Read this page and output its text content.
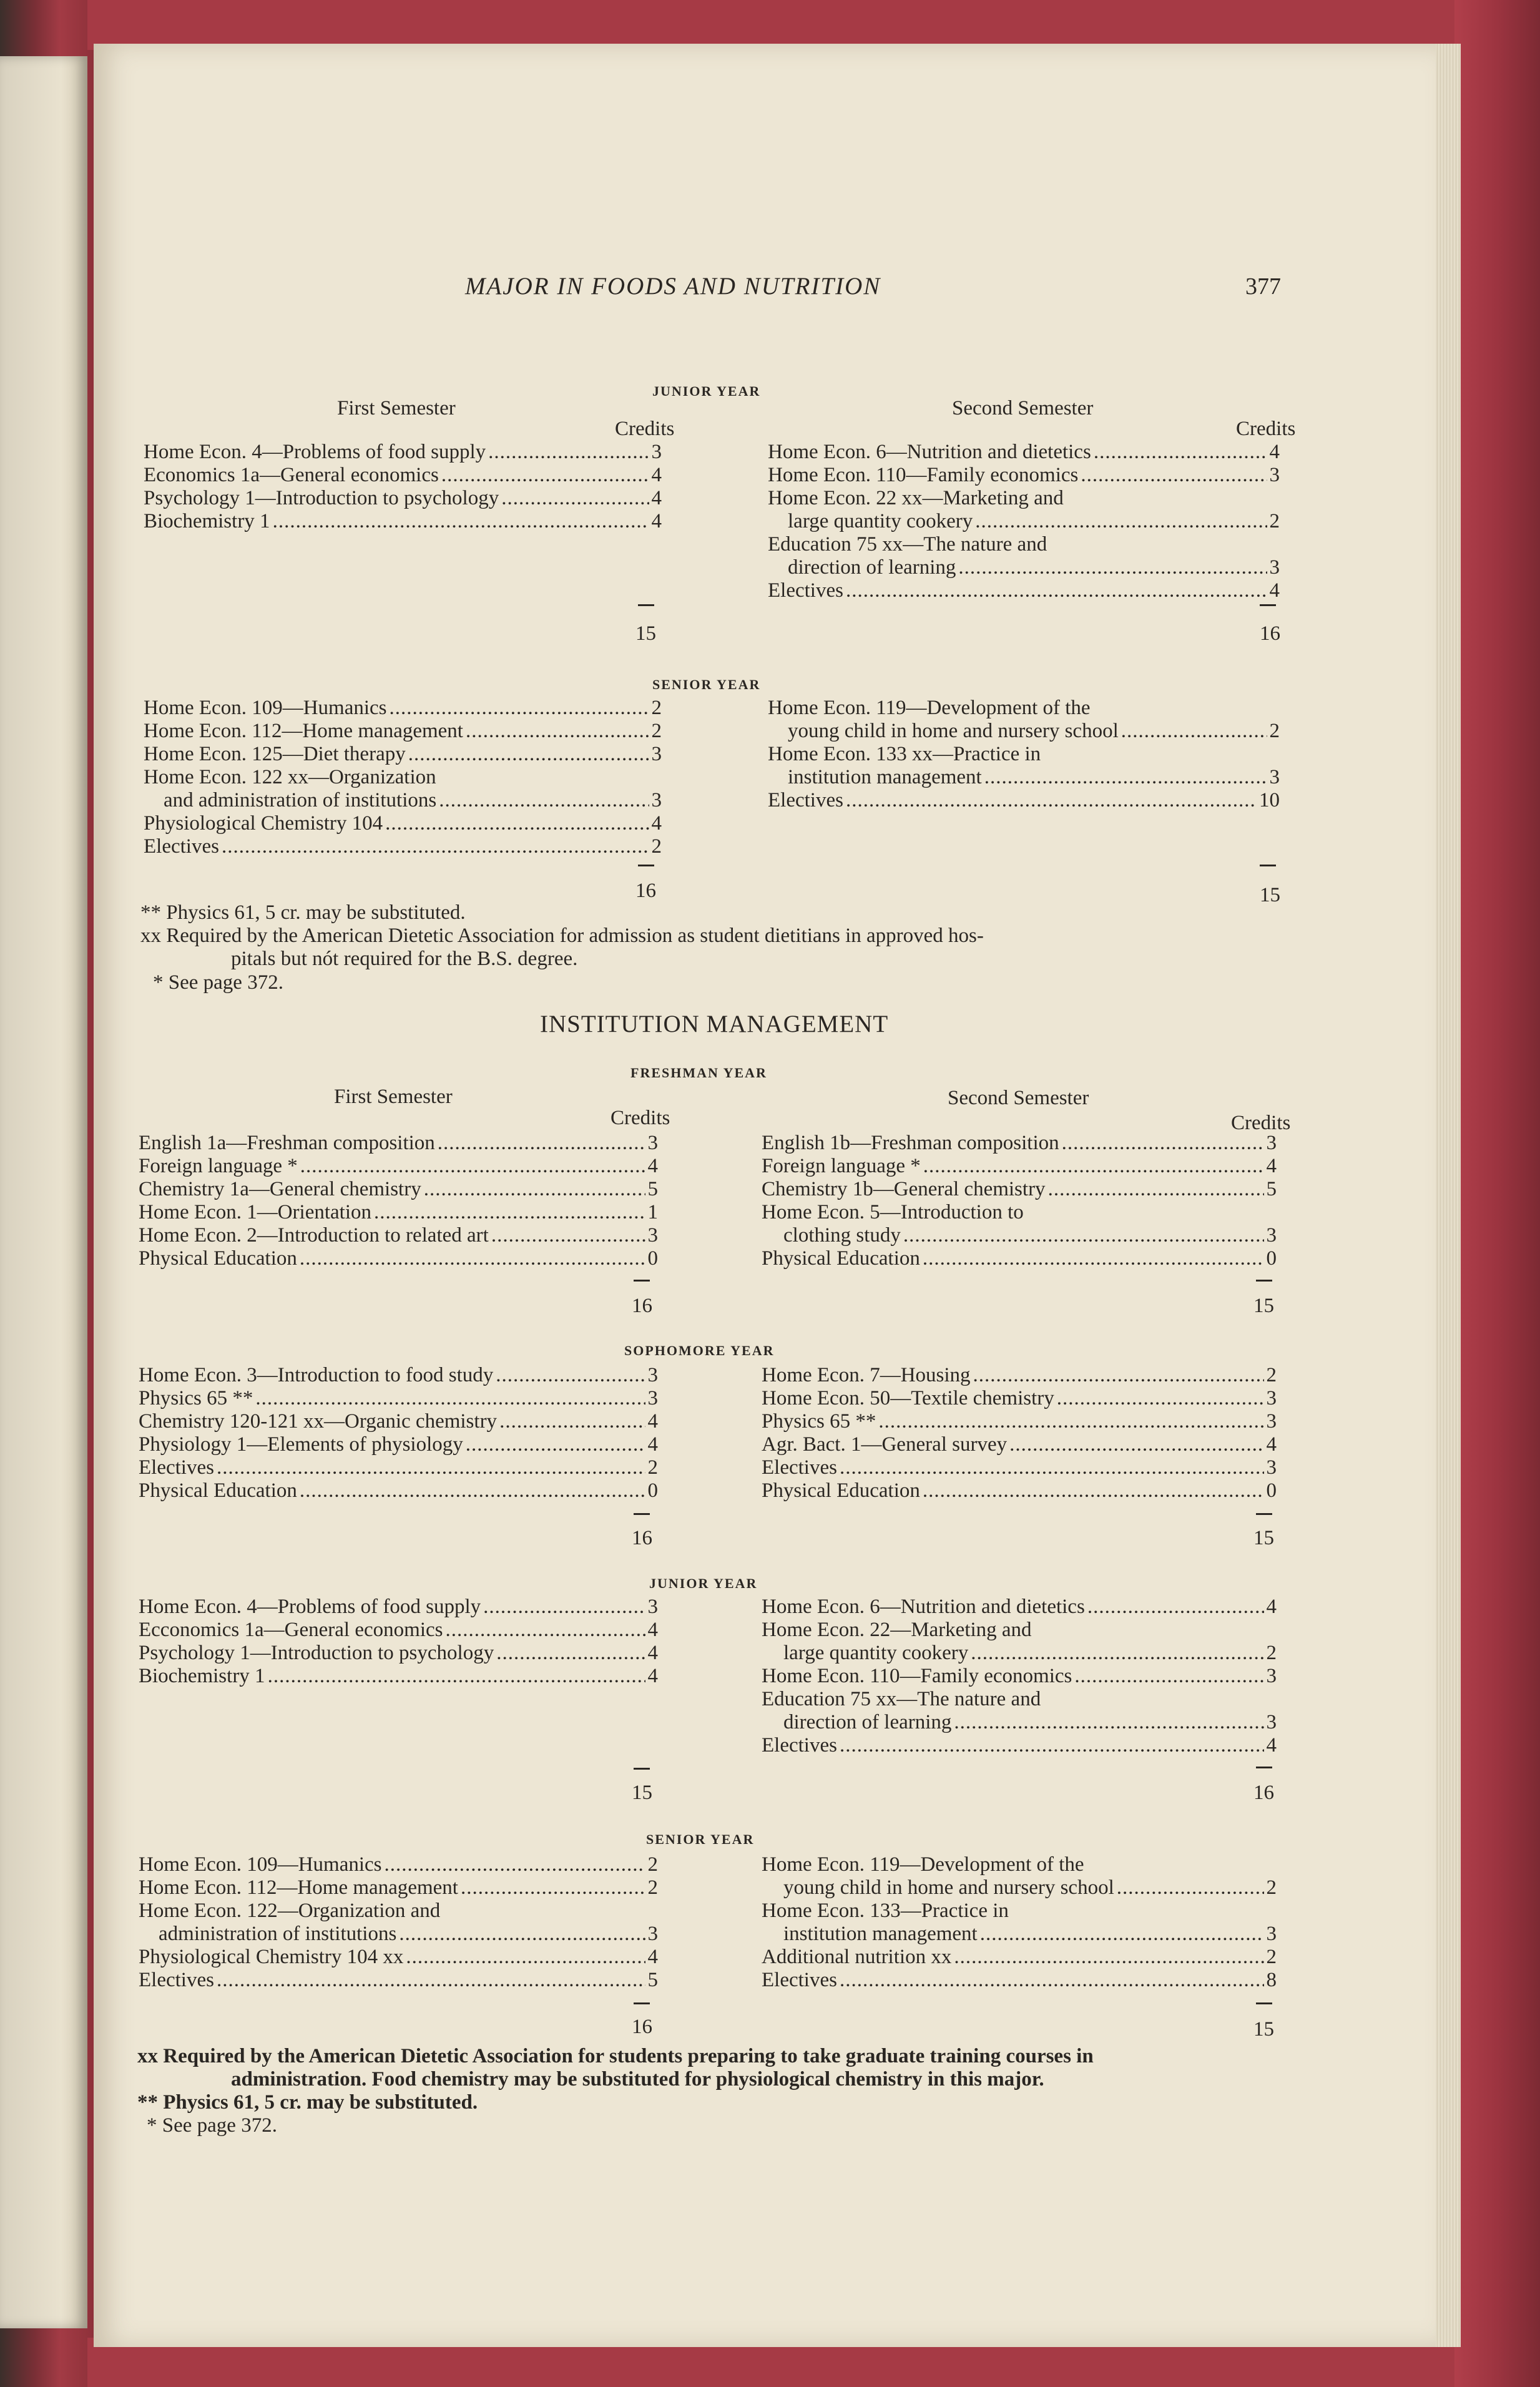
MAJOR IN FOODS AND NUTRITION	377
JUNIOR YEAR
First Semester	Second Semester
Credits	Credits
Home Econ. 4—Problems of food supply .....	3
Economics 1a—General economics .....	4
Psychology 1—Introduction to psychology .....	4
Biochemistry 1 .....	4
15
Home Econ. 6—Nutrition and dietetics .....	4
Home Econ. 110—Family economics .....	3
Home Econ. 22 xx—Marketing and
large quantity cookery .....	2
Education 75 xx—The nature and
direction of learning .....	3
Electives .....	4
16
SENIOR YEAR
Home Econ. 109—Humanics .....	2
Home Econ. 112—Home management .....	2
Home Econ. 125—Diet therapy .....	3
Home Econ. 122 xx—Organization
and administration of institutions .....	3
Physiological Chemistry 104 .....	4
Electives .....	2
16
Home Econ. 119—Development of the
young child in home and nursery school .....	2
Home Econ. 133 xx—Practice in
institution management .....	3
Electives .....	10
15
** Physics 61, 5 cr. may be substituted.
xx Required by the American Dietetic Association for admission as student dietitians in approved hos-
pitals but nót required for the B.S. degree.
* See page 372.
INSTITUTION MANAGEMENT
FRESHMAN YEAR
First Semester	Second Semester
Credits	Credits
English 1a—Freshman composition .....	3
Foreign language * .....	4
Chemistry 1a—General chemistry .....	5
Home Econ. 1—Orientation .....	1
Home Econ. 2—Introduction to related art .....	3
Physical Education .....	0
16
English 1b—Freshman composition .....	3
Foreign language * .....	4
Chemistry 1b—General chemistry .....	5
Home Econ. 5—Introduction to
clothing study .....	3
Physical Education .....	0
15
SOPHOMORE YEAR
Home Econ. 3—Introduction to food study .....	3
Physics 65 ** .....	3
Chemistry 120-121 xx—Organic chemistry .....	4
Physiology 1—Elements of physiology .....	4
Electives .....	2
Physical Education .....	0
16
Home Econ. 7—Housing .....	2
Home Econ. 50—Textile chemistry .....	3
Physics 65 ** .....	3
Agr. Bact. 1—General survey .....	4
Electives .....	3
Physical Education .....	0
15
JUNIOR YEAR
Home Econ. 4—Problems of food supply .....	3
Ecconomics 1a—General economics .....	4
Psychology 1—Introduction to psychology .....	4
Biochemistry 1 .....	4
15
Home Econ. 6—Nutrition and dietetics .....	4
Home Econ. 22—Marketing and
large quantity cookery .....	2
Home Econ. 110—Family economics .....	3
Education 75 xx—The nature and
direction of learning .....	3
Electives .....	4
16
SENIOR YEAR
Home Econ. 109—Humanics .....	2
Home Econ. 112—Home management .....	2
Home Econ. 122—Organization and
administration of institutions .....	3
Physiological Chemistry 104 xx .....	4
Electives .....	5
16
Home Econ. 119—Development of the
young child in home and nursery school .....	2
Home Econ. 133—Practice in
institution management .....	3
Additional nutrition xx .....	2
Electives .....	8
15
xx Required by the American Dietetic Association for students preparing to take graduate training courses in
administration. Food chemistry may be substituted for physiological chemistry in this major.
** Physics 61, 5 cr. may be substituted.
* See page 372.
